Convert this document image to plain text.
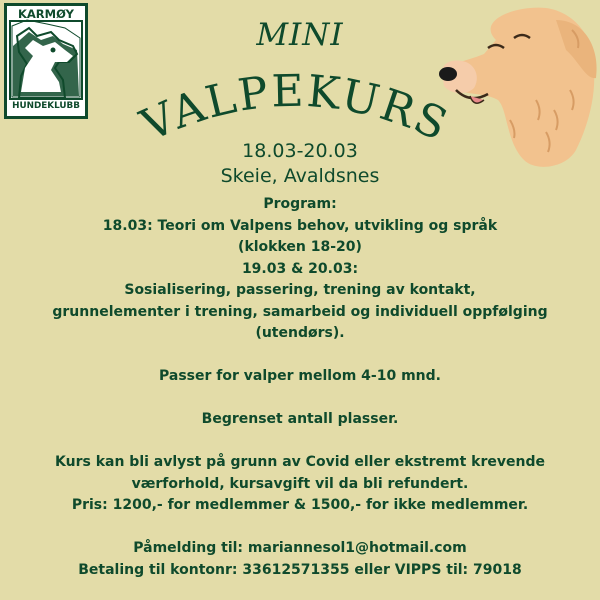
KARMØY
HUNDEKLUBB
MINI
VALPEKURS
18.03-20.03
Skeie, Avaldsnes
Program:
18.03: Teori om Valpens behov, utvikling og språk
(klokken 18-20)
19.03 & 20.03:
Sosialisering, passering, trening av kontakt,
grunnelementer i trening, samarbeid og individuell oppfølging
(utendørs).
Passer for valper mellom 4-10 mnd.
Begrenset antall plasser.
Kurs kan bli avlyst på grunn av Covid eller ekstremt krevende
værforhold, kursavgift vil da bli refundert.
Pris: 1200,- for medlemmer & 1500,- for ikke medlemmer.
Påmelding til: mariannesol1@hotmail.com
Betaling til kontonr: 33612571355 eller VIPPS til: 79018
